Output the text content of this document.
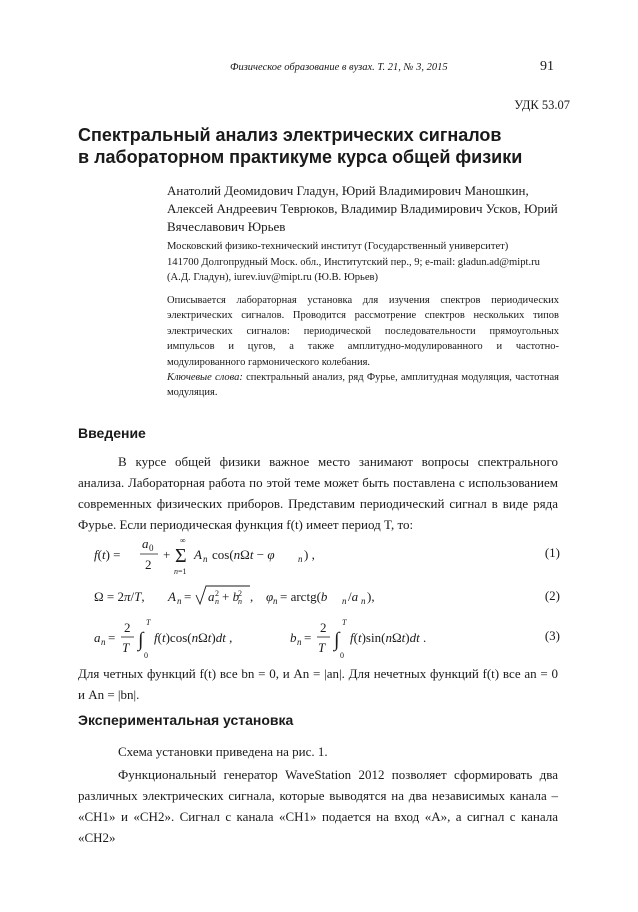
Физическое образование в вузах. Т. 21, № 3, 2015	91
УДК 53.07
Спектральный анализ электрических сигналов
в лабораторном практикуме курса общей физики
Анатолий Деомидович Гладун, Юрий Владимирович Маношкин, Алексей Андреевич Теврюков, Владимир Владимирович Усков, Юрий Вячеславович Юрьев
Московский физико-технический институт (Государственный университет)
141700 Долгопрудный Моск. обл., Институтский пер., 9; e-mail: gladun.ad@mipt.ru
(А.Д. Гладун), iurev.iuv@mipt.ru (Ю.В. Юрьев)
Описывается лабораторная установка для изучения спектров периодических электрических сигналов. Проводится рассмотрение спектров нескольких типов электрических сигналов: периодической последовательности прямоугольных импульсов и цугов, а также амплитудно-модулированного и частотно-модулированного гармонического колебания.
Ключевые слова: спектральный анализ, ряд Фурье, амплитудная модуляция, частотная модуляция.
Введение
В курсе общей физики важное место занимают вопросы спектрального анализа. Лабораторная работа по этой теме может быть поставлена с использованием современных физических приборов. Представим периодический сигнал в виде ряда Фурье. Если периодическая функция f(t) имеет период T, то:
f(t) =
a 0
2
+ Σ
∞
n=1
A n cos(nΩt − φ	n ) ,	(1)
Ω = 2π/T, A n = a 2
n + b
2
n , φ n = arctg(b n /a n ),	(2)
a n =
2
T ∫
T
0
f(t)cos(nΩt)dt ,	b n =
2
T ∫
T
0
f(t)sin(nΩt)dt .	(3)
Для четных функций f(t) все bn = 0, и An = |an|. Для нечетных функций f(t) все an = 0 и An = |bn|.
Экспериментальная установка
Схема установки приведена на рис. 1.
Функциональный генератор WaveStation 2012 позволяет сформировать два различных электрических сигнала, которые выводятся на два независимых канала – «CH1» и «CH2». Сигнал с канала «CH1» подается на вход «A», а сигнал с канала «CH2»
